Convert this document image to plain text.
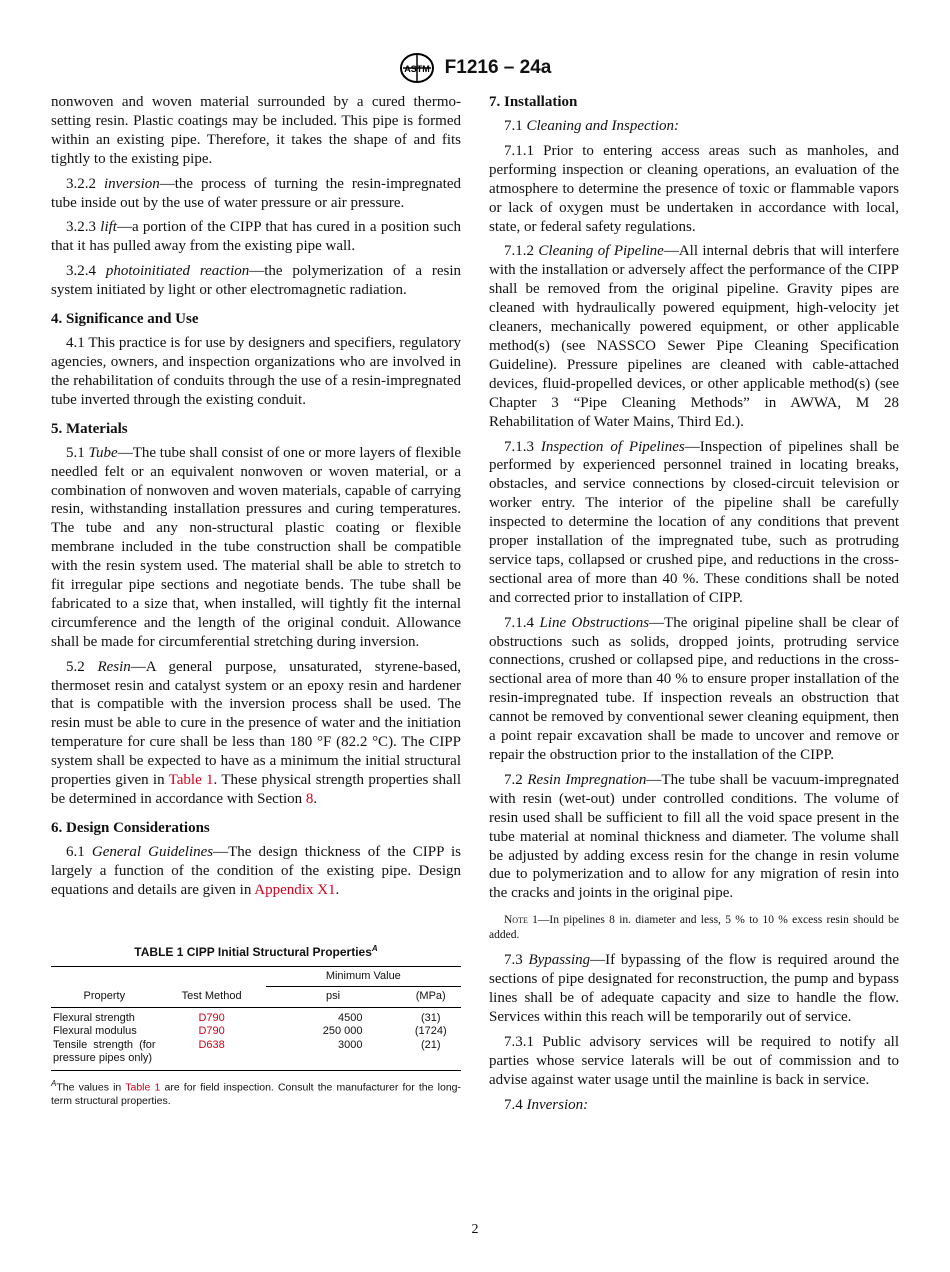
ASTM F1216 – 24a

nonwoven and woven material surrounded by a cured thermo-setting resin. Plastic coatings may be included. This pipe is formed within an existing pipe. Therefore, it takes the shape of and fits tightly to the existing pipe.

3.2.2 inversion—the process of turning the resin-impregnated tube inside out by the use of water pressure or air pressure.

3.2.3 lift—a portion of the CIPP that has cured in a position such that it has pulled away from the existing pipe wall.

3.2.4 photoinitiated reaction—the polymerization of a resin system initiated by light or other electromagnetic radiation.

4. Significance and Use

4.1 This practice is for use by designers and specifiers, regulatory agencies, owners, and inspection organizations who are involved in the rehabilitation of conduits through the use of a resin-impregnated tube inverted through the existing conduit.

5. Materials

5.1 Tube—The tube shall consist of one or more layers of flexible needled felt or an equivalent nonwoven or woven material, or a combination of nonwoven and woven materials, capable of carrying resin, withstanding installation pressures and curing temperatures. The tube and any non-structural plastic coating or flexible membrane included in the tube construction shall be compatible with the resin system used. The material shall be able to stretch to fit irregular pipe sections and negotiate bends. The tube shall be fabricated to a size that, when installed, will tightly fit the internal circumference and the length of the original conduit. Allowance shall be made for circumferential stretching during inversion.

5.2 Resin—A general purpose, unsaturated, styrene-based, thermoset resin and catalyst system or an epoxy resin and hardener that is compatible with the inversion process shall be used. The resin must be able to cure in the presence of water and the initiation temperature for cure shall be less than 180 °F (82.2 °C). The CIPP system shall be expected to have as a minimum the initial structural properties given in Table 1. These physical strength properties shall be determined in accordance with Section 8.

6. Design Considerations

6.1 General Guidelines—The design thickness of the CIPP is largely a function of the condition of the existing pipe. Design equations and details are given in Appendix X1.

TABLE 1 CIPP Initial Structural Properties$^A$
		Minimum Value	
Property	Test Method	psi	(MPa)
Flexural strength	D790	4500	(31)
Flexural modulus	D790	250 000	(1724)
Tensile strength (for pressure pipes only)	D638	3000	(21)
$^A$The values in Table 1 are for field inspection. Consult the manufacturer for the long-term structural properties.
7. Installation

7.1 Cleaning and Inspection:

7.1.1 Prior to entering access areas such as manholes, and performing inspection or cleaning operations, an evaluation of the atmosphere to determine the presence of toxic or flammable vapors or lack of oxygen must be undertaken in accordance with local, state, or federal safety regulations.

7.1.2 Cleaning of Pipeline—All internal debris that will interfere with the installation or adversely affect the performance of the CIPP shall be removed from the original pipeline. Gravity pipes are cleaned with hydraulically powered equipment, high-velocity jet cleaners, mechanically powered equipment, or other applicable method(s) (see NASSCO Sewer Pipe Cleaning Specification Guideline). Pressure pipelines are cleaned with cable-attached devices, fluid-propelled devices, or other applicable method(s) (see Chapter 3 “Pipe Cleaning Methods” in AWWA, M 28 Rehabilitation of Water Mains, Third Ed.).

7.1.3 Inspection of Pipelines—Inspection of pipelines shall be performed by experienced personnel trained in locating breaks, obstacles, and service connections by closed-circuit television or worker entry. The interior of the pipeline shall be carefully inspected to determine the location of any conditions that prevent proper installation of the impregnated tube, such as protruding service taps, collapsed or crushed pipe, and reductions in the cross-sectional area of more than 40 %. These conditions shall be noted and corrected prior to installation of CIPP.

7.1.4 Line Obstructions—The original pipeline shall be clear of obstructions such as solids, dropped joints, protruding service connections, crushed or collapsed pipe, and reductions in the cross-sectional area of more than 40 % to ensure proper installation of the resin-impregnated tube. If inspection reveals an obstruction that cannot be removed by conventional sewer cleaning equipment, then a point repair excavation shall be made to uncover and remove or repair the obstruction prior to the installation of the CIPP.

7.2 Resin Impregnation—The tube shall be vacuum-impregnated with resin (wet-out) under controlled conditions. The volume of resin used shall be sufficient to fill all the void space present in the tube material at nominal thickness and diameter. The volume shall be adjusted by adding excess resin for the change in resin volume due to polymerization and to allow for any migration of resin into the cracks and joints in the original pipe.

Note 1—In pipelines 8 in. diameter and less, 5 % to 10 % excess resin should be added.

7.3 Bypassing—If bypassing of the flow is required around the sections of pipe designated for reconstruction, the pump and bypass lines shall be of adequate capacity and size to handle the flow. Services within this reach will be temporarily out of service.

7.3.1 Public advisory services will be required to notify all parties whose service laterals will be out of commission and to advise against water usage until the mainline is back in service.

7.4 Inversion:

2
